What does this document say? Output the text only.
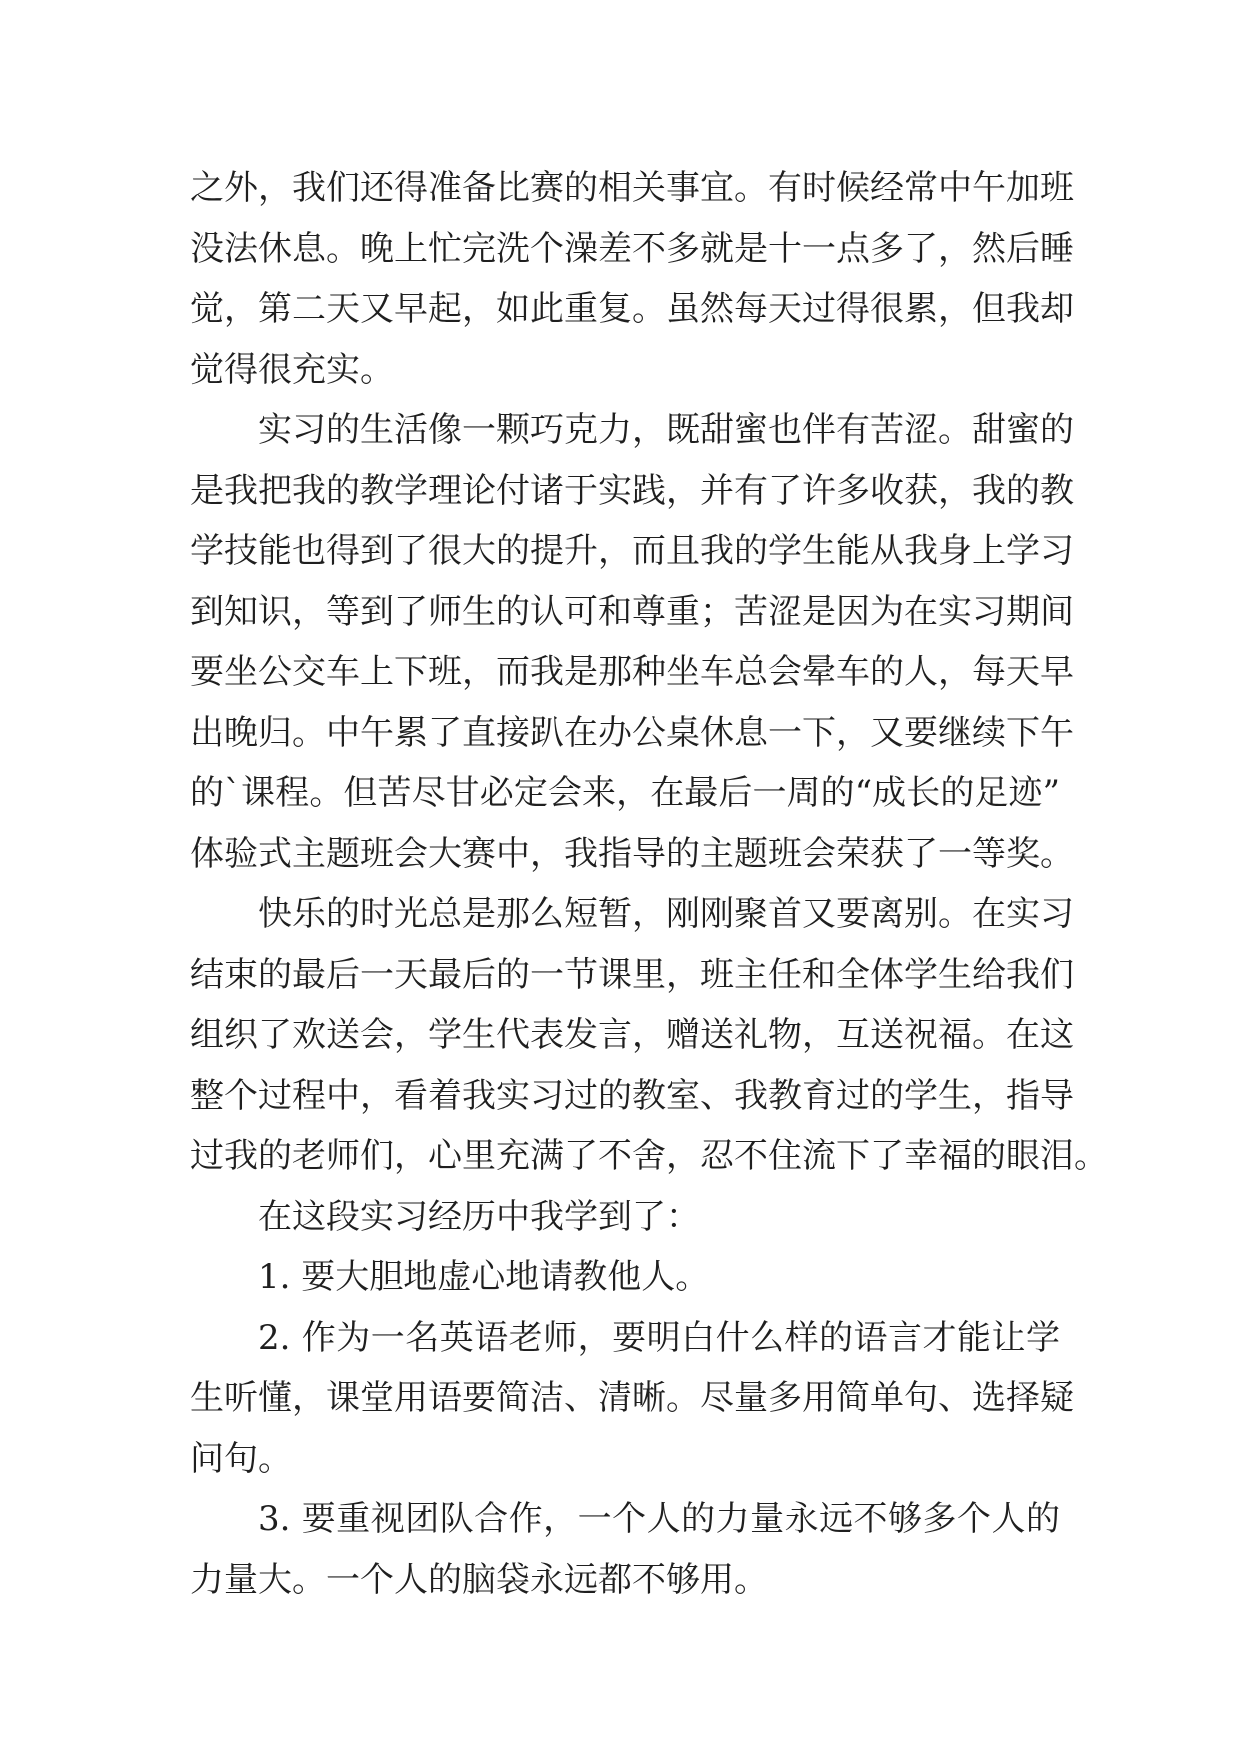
之外，我们还得准备比赛的相关事宜。有时候经常中午加班
没法休息。晚上忙完洗个澡差不多就是十一点多了，然后睡
觉，第二天又早起，如此重复。虽然每天过得很累，但我却
觉得很充实。
实习的生活像一颗巧克力，既甜蜜也伴有苦涩。甜蜜的
是我把我的教学理论付诸于实践，并有了许多收获，我的教
学技能也得到了很大的提升，而且我的学生能从我身上学习
到知识，等到了师生的认可和尊重；苦涩是因为在实习期间
要坐公交车上下班，而我是那种坐车总会晕车的人，每天早
出晚归。中午累了直接趴在办公桌休息一下，又要继续下午
的`课程。但苦尽甘必定会来，在最后一周的“成长的足迹”
体验式主题班会大赛中，我指导的主题班会荣获了一等奖。
快乐的时光总是那么短暂，刚刚聚首又要离别。在实习
结束的最后一天最后的一节课里，班主任和全体学生给我们
组织了欢送会，学生代表发言，赠送礼物，互送祝福。在这
整个过程中，看着我实习过的教室、我教育过的学生，指导
过我的老师们，心里充满了不舍，忍不住流下了幸福的眼泪。
在这段实习经历中我学到了：
1. 要大胆地虚心地请教他人。
2. 作为一名英语老师，要明白什么样的语言才能让学
生听懂，课堂用语要简洁、清晰。尽量多用简单句、选择疑
问句。
3. 要重视团队合作，一个人的力量永远不够多个人的
力量大。一个人的脑袋永远都不够用。
